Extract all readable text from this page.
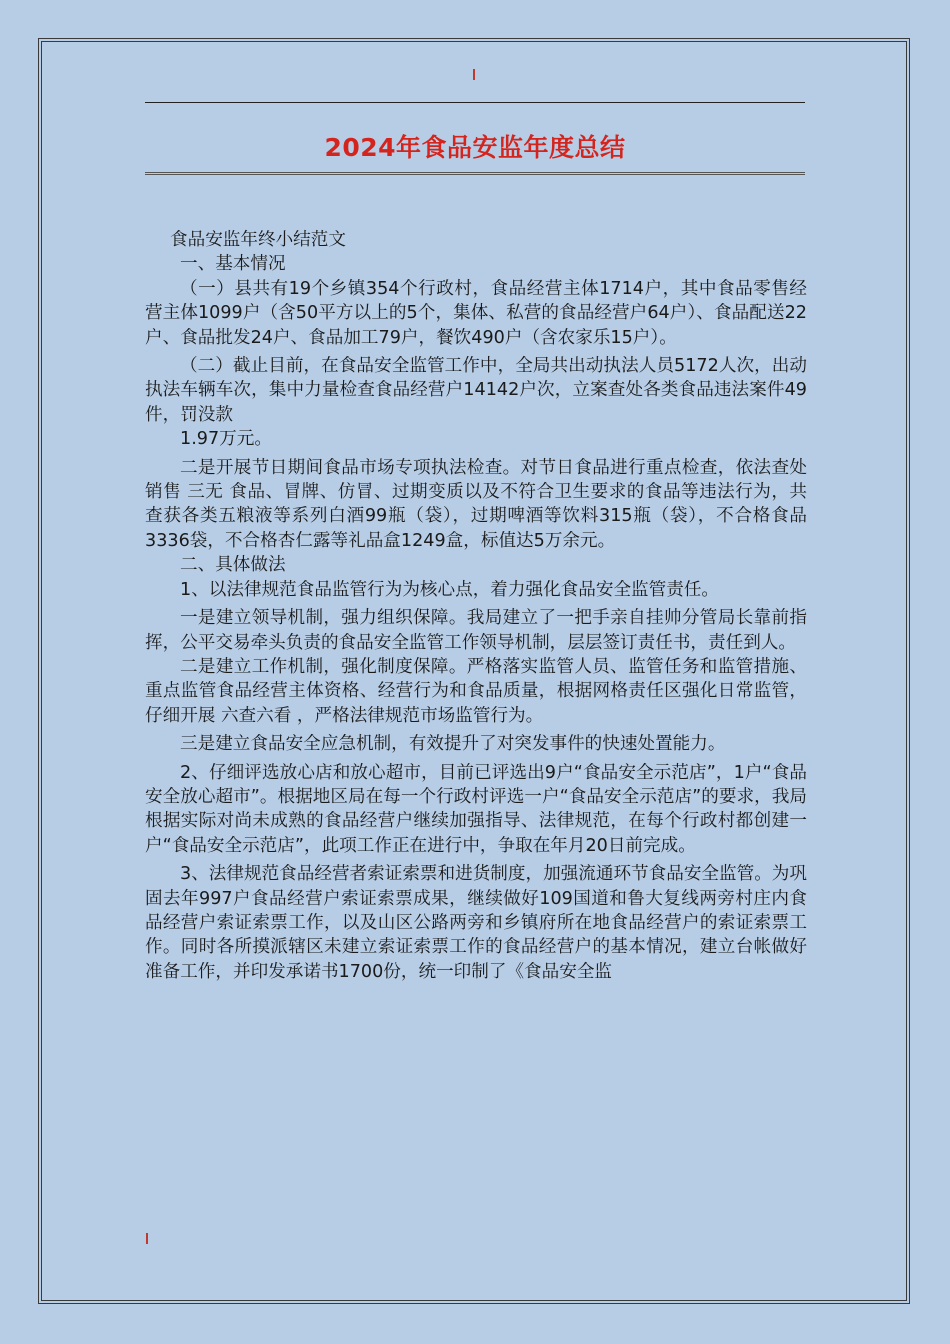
2024年食品安监年度总结

食品安监年终小结范文

一、基本情况

（一）县共有19个乡镇354个行政村，食品经营主体1714户，其中食品零售经营主体1099户（含50平方以上的5个，集体、私营的食品经营户64户）、食品配送22户、食品批发24户、食品加工79户，餐饮490户（含农家乐15户）。

（二）截止目前，在食品安全监管工作中，全局共出动执法人员5172人次，出动执法车辆车次，集中力量检查食品经营户14142户次，立案查处各类食品违法案件49件，罚没款

1.97万元。

二是开展节日期间食品市场专项执法检查。对节日食品进行重点检查，依法查处销售 三无 食品、冒牌、仿冒、过期变质以及不符合卫生要求的食品等违法行为，共查获各类五粮液等系列白酒99瓶（袋），过期啤酒等饮料315瓶（袋），不合格食品3336袋，不合格杏仁露等礼品盒1249盒，标值达5万余元。

二、具体做法

1、以法律规范食品监管行为为核心点，着力强化食品安全监管责任。

一是建立领导机制，强力组织保障。我局建立了一把手亲自挂帅分管局长靠前指挥，公平交易牵头负责的食品安全监管工作领导机制，层层签订责任书，责任到人。

二是建立工作机制，强化制度保障。严格落实监管人员、监管任务和监管措施、重点监管食品经营主体资格、经营行为和食品质量，根据网格责任区强化日常监管，仔细开展 六查六看 ，严格法律规范市场监管行为。

三是建立食品安全应急机制，有效提升了对突发事件的快速处置能力。

2、仔细评选放心店和放心超市，目前已评选出9户“食品安全示范店”，1户“食品安全放心超市”。根据地区局在每一个行政村评选一户“食品安全示范店”的要求，我局根据实际对尚未成熟的食品经营户继续加强指导、法律规范，在每个行政村都创建一户“食品安全示范店”，此项工作正在进行中，争取在年月20日前完成。

3、法律规范食品经营者索证索票和进货制度，加强流通环节食品安全监管。为巩固去年997户食品经营户索证索票成果，继续做好109国道和鲁大复线两旁村庄内食品经营户索证索票工作，以及山区公路两旁和乡镇府所在地食品经营户的索证索票工作。同时各所摸派辖区未建立索证索票工作的食品经营户的基本情况，建立台帐做好准备工作，并印发承诺书1700份，统一印制了《食品安全监
